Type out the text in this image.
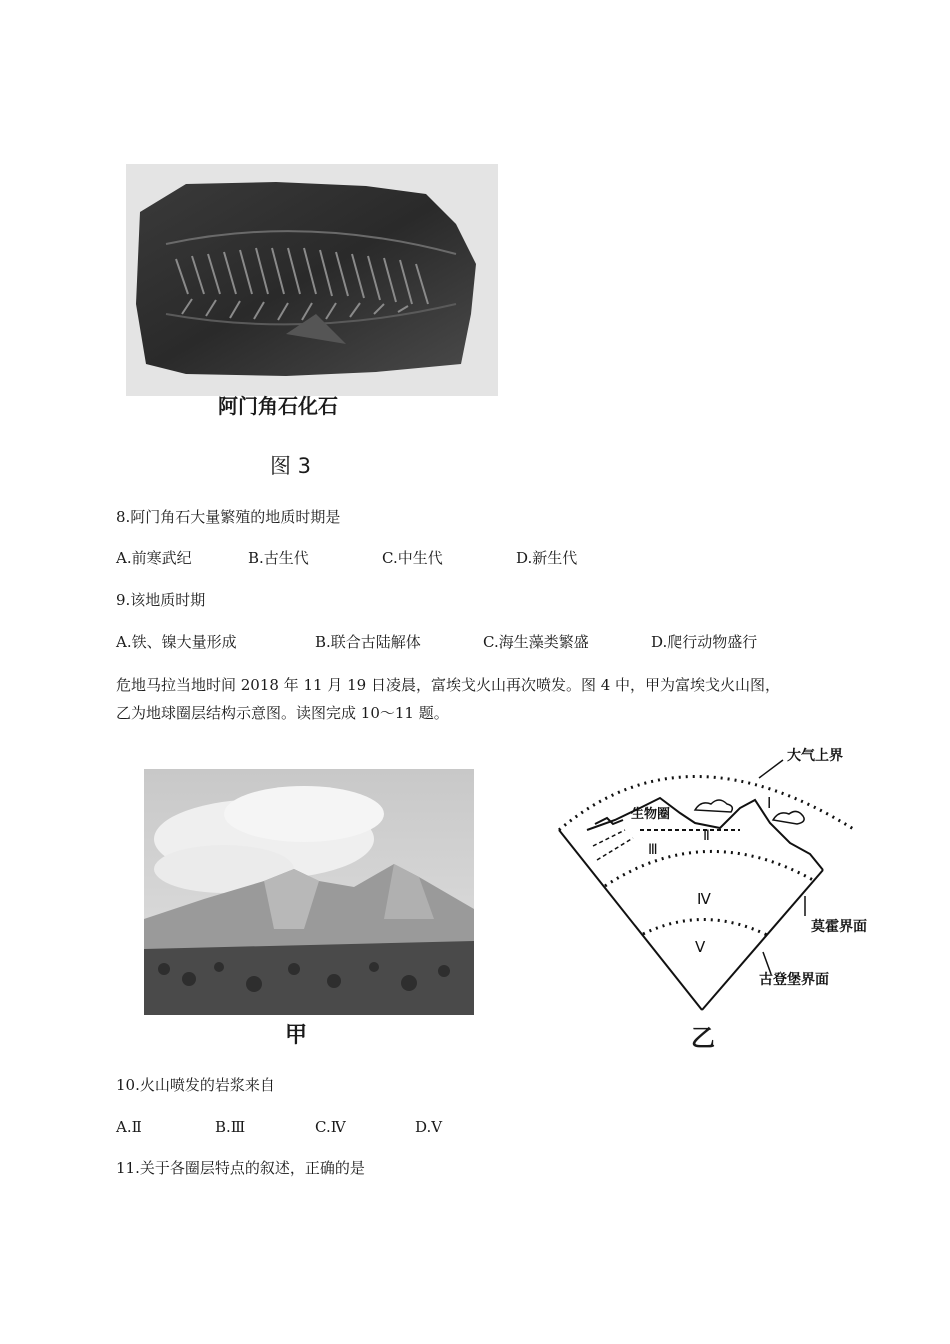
阿门角石化石
图 3
8.阿门角石大量繁殖的地质时期是
A.前寒武纪	B.古生代	C.中生代	D.新生代
9.该地质时期
A.铁、镍大量形成	B.联合古陆解体	C.海生藻类繁盛	D.爬行动物盛行
危地马拉当地时间 2018 年 11 月 19 日凌晨，富埃戈火山再次喷发。图 4 中，甲为富埃戈火山图，
乙为地球圈层结构示意图。读图完成 10～11 题。
甲
大气上界
生物圈
Ⅰ
Ⅱ
Ⅲ
Ⅳ
Ⅴ
莫霍界面
古登堡界面
乙
10.火山喷发的岩浆来自
A.Ⅱ	B.Ⅲ	C.Ⅳ	D.Ⅴ
11.关于各圈层特点的叙述，正确的是
